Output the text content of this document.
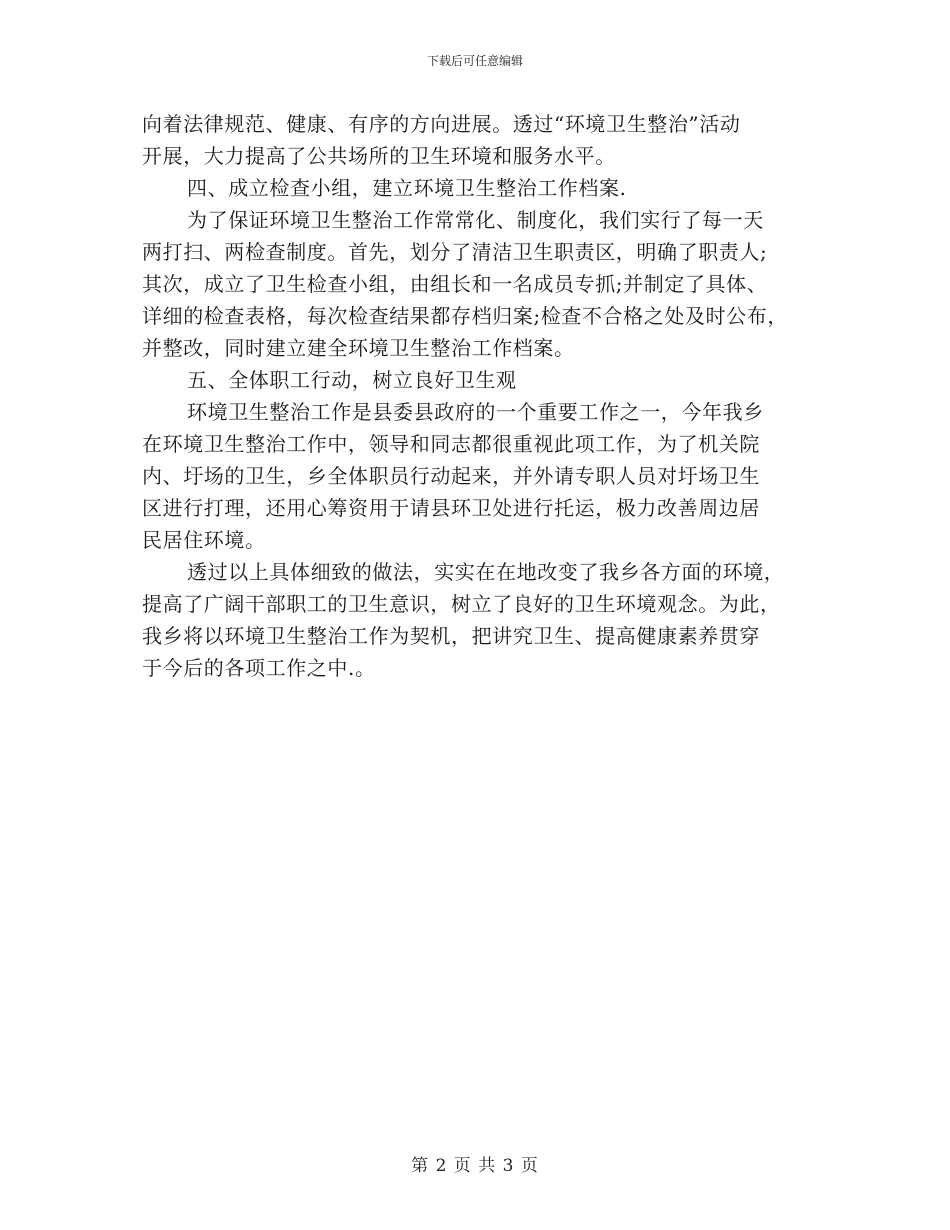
下载后可任意编辑
向着法律规范、健康、有序的方向进展。透过“环境卫生整治”活动
开展，大力提高了公共场所的卫生环境和服务水平。
四、成立检查小组，建立环境卫生整治工作档案.
为了保证环境卫生整治工作常常化、制度化，我们实行了每一天
两打扫、两检查制度。首先，划分了清洁卫生职责区，明确了职责人;
其次，成立了卫生检查小组，由组长和一名成员专抓;并制定了具体、
详细的检查表格，每次检查结果都存档归案;检查不合格之处及时公布，
并整改，同时建立建全环境卫生整治工作档案。
五、全体职工行动，树立良好卫生观
环境卫生整治工作是县委县政府的一个重要工作之一，今年我乡
在环境卫生整治工作中，领导和同志都很重视此项工作，为了机关院
内、圩场的卫生，乡全体职员行动起来，并外请专职人员对圩场卫生
区进行打理，还用心筹资用于请县环卫处进行托运，极力改善周边居
民居住环境。
透过以上具体细致的做法，实实在在地改变了我乡各方面的环境，
提高了广阔干部职工的卫生意识，树立了良好的卫生环境观念。为此，
我乡将以环境卫生整治工作为契机，把讲究卫生、提高健康素养贯穿
于今后的各项工作之中.。
第 2 页 共 3 页
